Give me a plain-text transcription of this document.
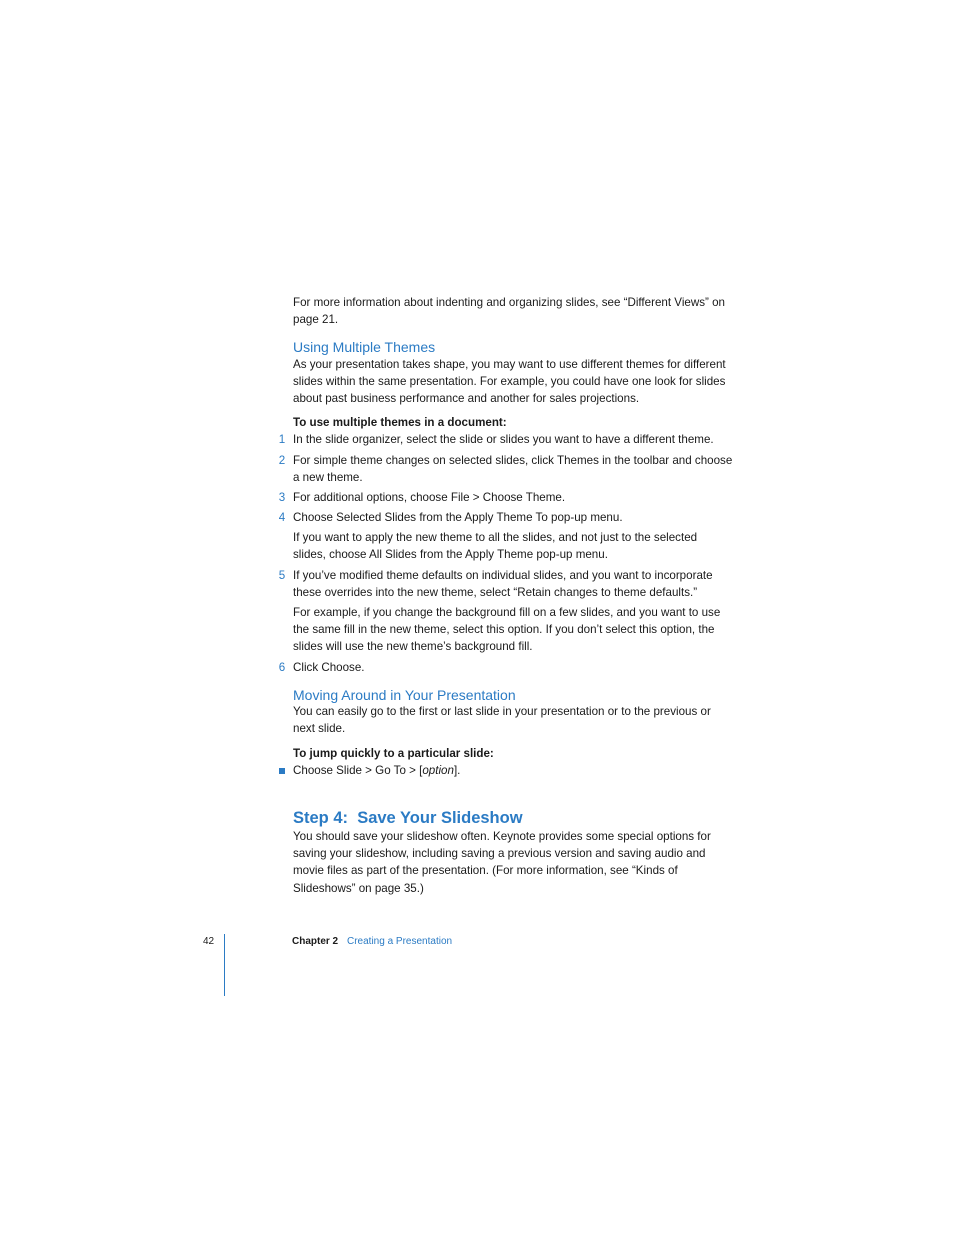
For more information about indenting and organizing slides, see “Different Views” on page 21.

Using Multiple Themes

As your presentation takes shape, you may want to use different themes for different slides within the same presentation. For example, you could have one look for slides about past business performance and another for sales projections.

To use multiple themes in a document:

1 In the slide organizer, select the slide or slides you want to have a different theme.

2 For simple theme changes on selected slides, click Themes in the toolbar and choose a new theme.

3 For additional options, choose File > Choose Theme.

4 Choose Selected Slides from the Apply Theme To pop-up menu.

If you want to apply the new theme to all the slides, and not just to the selected slides, choose All Slides from the Apply Theme pop-up menu.

5 If you’ve modified theme defaults on individual slides, and you want to incorporate these overrides into the new theme, select “Retain changes to theme defaults.”

For example, if you change the background fill on a few slides, and you want to use the same fill in the new theme, select this option. If you don’t select this option, the slides will use the new theme’s background fill.

6 Click Choose.

Moving Around in Your Presentation

You can easily go to the first or last slide in your presentation or to the previous or next slide.

To jump quickly to a particular slide:

Choose Slide > Go To > [option].

Step 4: Save Your Slideshow

You should save your slideshow often. Keynote provides some special options for saving your slideshow, including saving a previous version and saving audio and movie files as part of the presentation. (For more information, see “Kinds of Slideshows” on page 35.)

42	Chapter 2 Creating a Presentation
